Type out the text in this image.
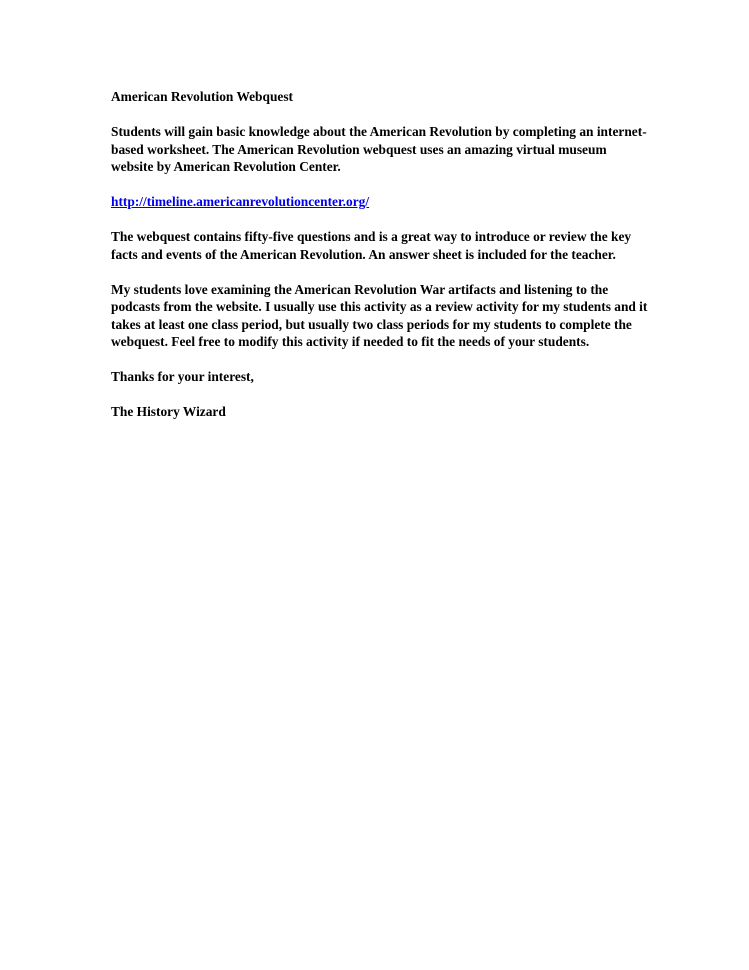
American Revolution Webquest

Students will gain basic knowledge about the American Revolution by completing an internet-based worksheet. The American Revolution webquest uses an amazing virtual museum website by American Revolution Center.

http://timeline.americanrevolutioncenter.org/

The webquest contains fifty-five questions and is a great way to introduce or review the key facts and events of the American Revolution. An answer sheet is included for the teacher.

My students love examining the American Revolution War artifacts and listening to the podcasts from the website. I usually use this activity as a review activity for my students and it takes at least one class period, but usually two class periods for my students to complete the webquest. Feel free to modify this activity if needed to fit the needs of your students.

Thanks for your interest,

The History Wizard
